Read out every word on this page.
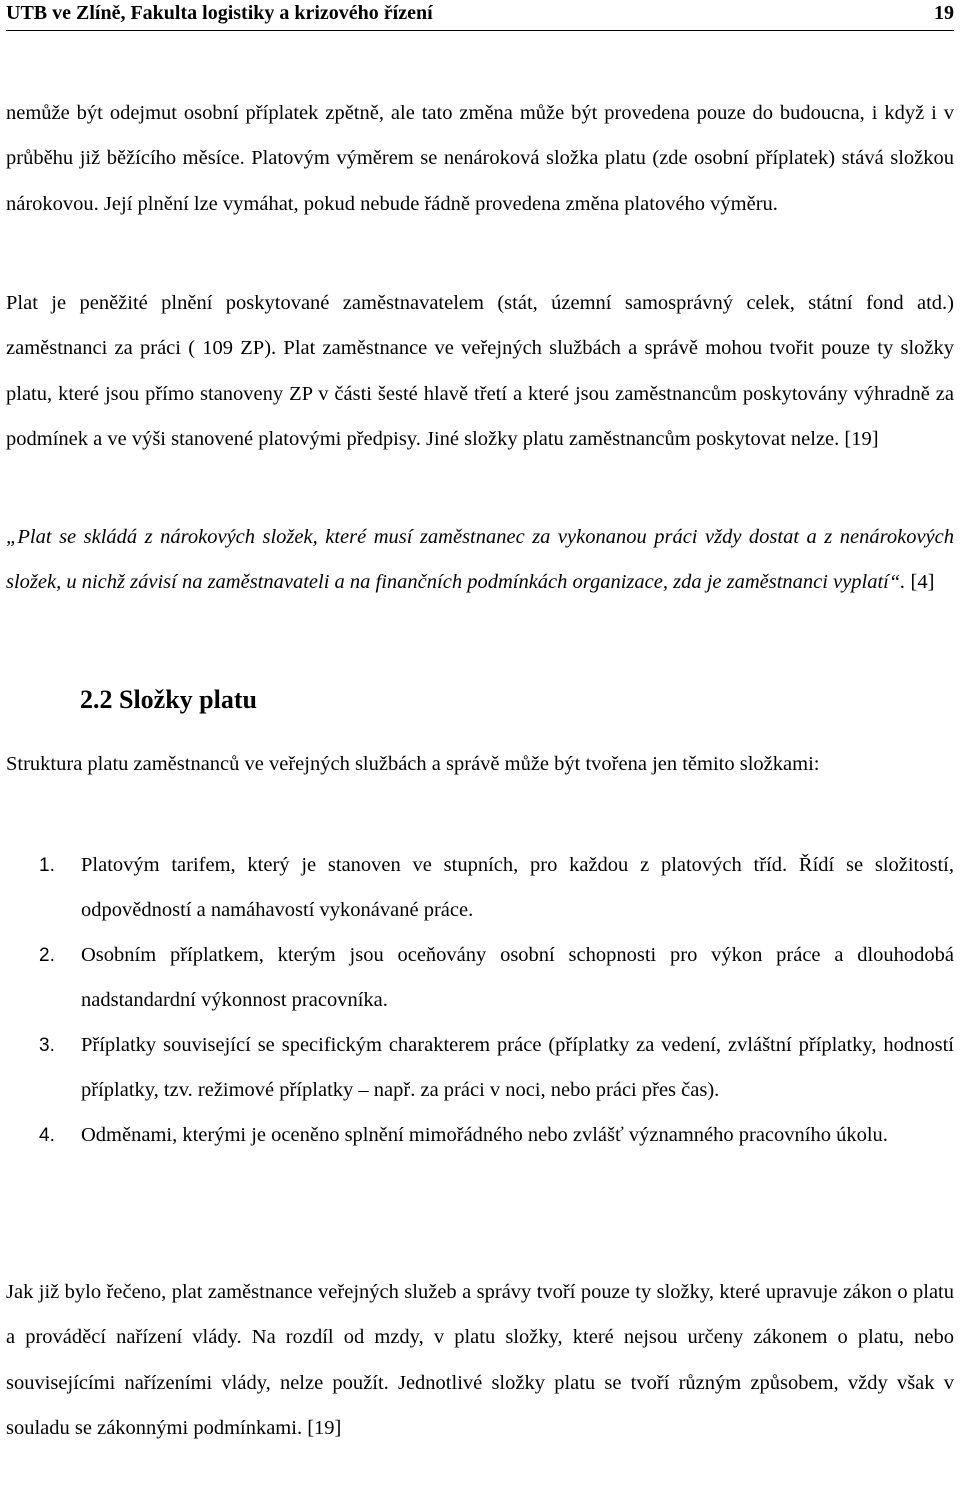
UTB ve Zlíně, Fakulta logistiky a krizového řízení	19
nemůže být odejmut osobní příplatek zpětně, ale tato změna může být provedena pouze do budoucna, i když i v průběhu již běžícího měsíce. Platovým výměrem se nenároková složka platu (zde osobní příplatek) stává složkou nárokovou. Její plnění lze vymáhat, pokud nebude řádně provedena změna platového výměru.
Plat je peněžité plnění poskytované zaměstnavatelem (stát, územní samosprávný celek, státní fond atd.) zaměstnanci za práci ( 109 ZP). Plat zaměstnance ve veřejných službách a správě mohou tvořit pouze ty složky platu, které jsou přímo stanoveny ZP v části šesté hlavě třetí a které jsou zaměstnancům poskytovány výhradně za podmínek a ve výši stanovené platovými předpisy. Jiné složky platu zaměstnancům poskytovat nelze. [19]
„Plat se skládá z nárokových složek, které musí zaměstnanec za vykonanou práci vždy dostat a z nenárokových složek, u nichž závisí na zaměstnavateli a na finančních podmínkách organizace, zda je zaměstnanci vyplatí“. [4]
2.2 Složky platu
Struktura platu zaměstnanců ve veřejných službách a správě může být tvořena jen těmito složkami:
1. Platovým tarifem, který je stanoven ve stupních, pro každou z platových tříd. Řídí se složitostí, odpovědností a namáhavostí vykonávané práce.
2. Osobním příplatkem, kterým jsou oceňovány osobní schopnosti pro výkon práce a dlouhodobá nadstandardní výkonnost pracovníka.
3. Příplatky související se specifickým charakterem práce (příplatky za vedení, zvláštní příplatky, hodností příplatky, tzv. režimové příplatky – např. za práci v noci, nebo práci přes čas).
4. Odměnami, kterými je oceněno splnění mimořádného nebo zvlášť významného pracovního úkolu.
Jak již bylo řečeno, plat zaměstnance veřejných služeb a správy tvoří pouze ty složky, které upravuje zákon o platu a prováděcí nařízení vlády. Na rozdíl od mzdy, v platu složky, které nejsou určeny zákonem o platu, nebo souvisejícími nařízeními vlády, nelze použít. Jednotlivé složky platu se tvoří různým způsobem, vždy však v souladu se zákonnými podmínkami. [19]
